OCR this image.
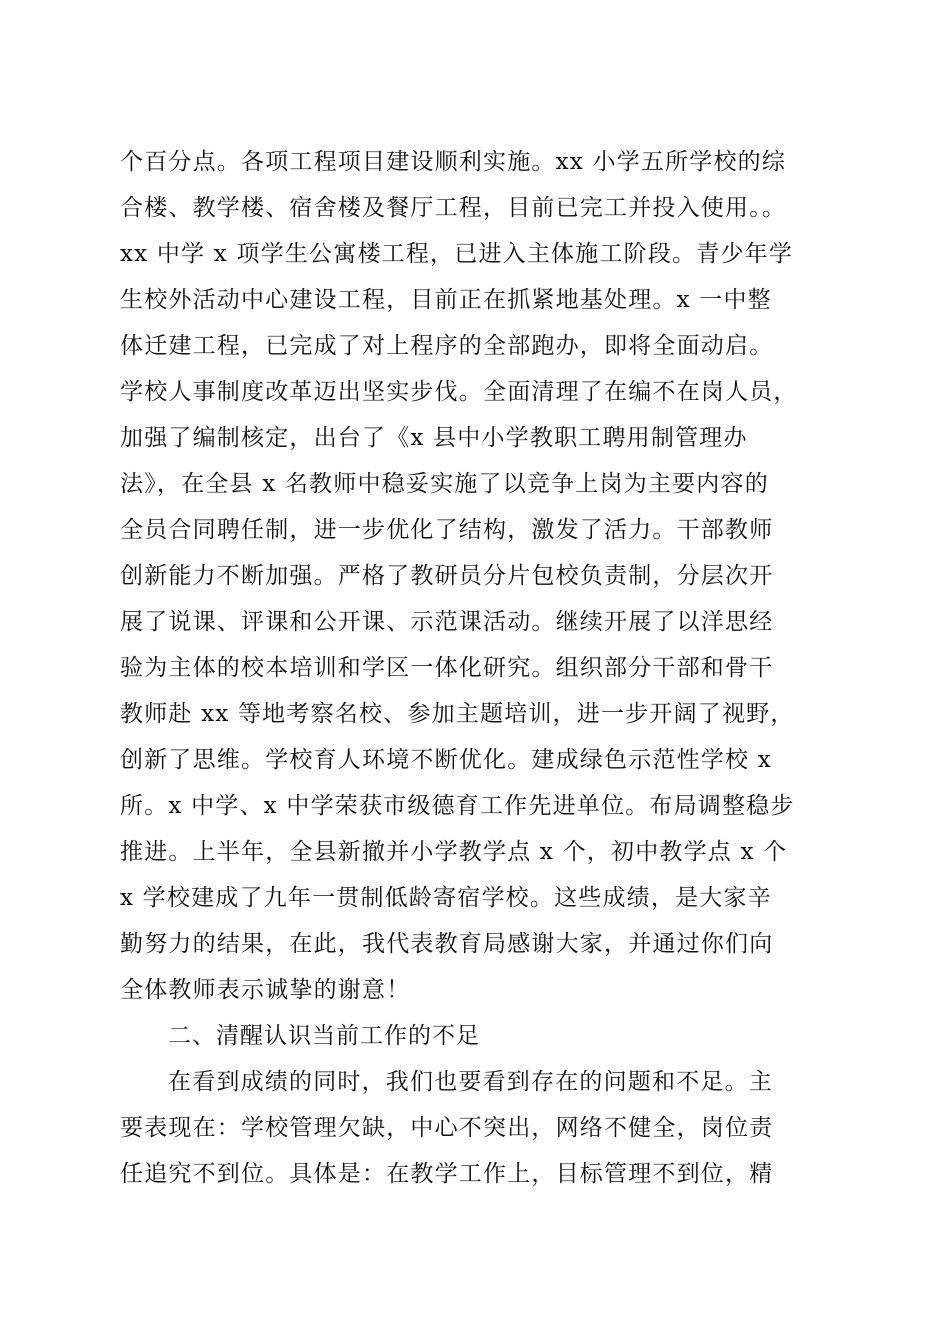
个百分点。各项工程项目建设顺利实施。xx 小学五所学校的综
合楼、教学楼、宿舍楼及餐厅工程，目前已完工并投入使用。。
xx 中学 x 项学生公寓楼工程，已进入主体施工阶段。青少年学
生校外活动中心建设工程，目前正在抓紧地基处理。x 一中整
体迁建工程，已完成了对上程序的全部跑办，即将全面动启。
学校人事制度改革迈出坚实步伐。全面清理了在编不在岗人员，
加强了编制核定，出台了《x 县中小学教职工聘用制管理办
法》，在全县 x 名教师中稳妥实施了以竞争上岗为主要内容的
全员合同聘任制，进一步优化了结构，激发了活力。干部教师
创新能力不断加强。严格了教研员分片包校负责制，分层次开
展了说课、评课和公开课、示范课活动。继续开展了以洋思经
验为主体的校本培训和学区一体化研究。组织部分干部和骨干
教师赴 xx 等地考察名校、参加主题培训，进一步开阔了视野，
创新了思维。学校育人环境不断优化。建成绿色示范性学校 x
所。x 中学、x 中学荣获市级德育工作先进单位。布局调整稳步
推进。上半年，全县新撤并小学教学点 x 个，初中教学点 x 个
x 学校建成了九年一贯制低龄寄宿学校。这些成绩，是大家辛
勤努力的结果，在此，我代表教育局感谢大家，并通过你们向
全体教师表示诚挚的谢意！
二、清醒认识当前工作的不足
在看到成绩的同时，我们也要看到存在的问题和不足。主
要表现在：学校管理欠缺，中心不突出，网络不健全，岗位责
任追究不到位。具体是：在教学工作上，目标管理不到位，精
